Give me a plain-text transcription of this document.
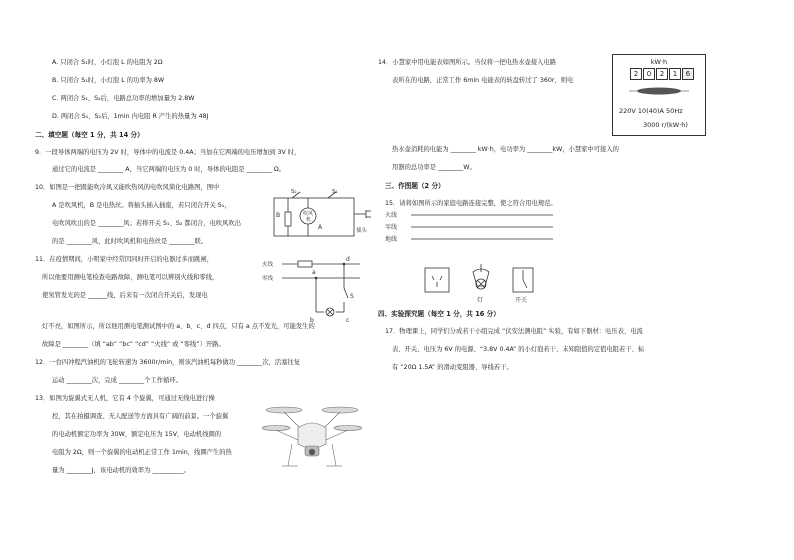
A. 只闭合 S₁时，小灯泡 L 的电阻为 2Ω
B. 只闭合 S₁时，小灯泡 L 的功率为 8W
C. 两闭合 S₁、S₂后，电路总功率的增加量为 2.8W
D. 两闭合 S₁、S₂后，1min 内电阻 R 产生的热量为 48J
二、填空题（每空 1 分，共 14 分）
9．一段导体两端的电压为 2V 时，导体中的电流是 0.4A；当加在它两端的电压增加到 3V 时，
通过它的电流是 ________ A，当它两端的电压为 0 时，导体的电阻是 ________ Ω。
10．如图是一把既能吹冷风又能吹热风的电吹风简化电路图，图中
A 是吹风机，B 是电热丝。将插头插入插座，若只闭合开关 S₁，
电吹风吹出的是 ________风；若将开关 S₁、S₂ 都闭合，电吹风吹出
的是 ________风，此时吹风机和电热丝是 ________联。
B
S₂	S₁
吹风
机
A	插头
11．在疫情期间，小明家中经常因同时开启的电器过多而跳闸，
所以他要用测电笔检查电路故障，测电笔可以辨别火线和零线，
使氖管发光的是 ______线，后来有一次闭合开关后，发现电
灯不亮，如图所示，所以他用测电笔测试图中的 a、b、c、d 四点，只有 a 点不发光，可能发生的
故障是 ________（填 “ab” “bc” “cd” “火线” 或 “零线”）开路。
火线
零线
a
b	c
d
S
12．一台四冲程汽油机的飞轮转速为 3600r/min，则该汽油机每秒做功 ________次，活塞往复
运动 ________次，完成 ________个工作循环。
13．如图为旋翼式无人机，它有 4 个旋翼，可通过无线电进行操
控，其在拍摄调查、无人配送等方面具有广阔的前景。一个旋翼
的电动机额定功率为 30W，额定电压为 15V，电动机线圈的
电阻为 2Ω，则一个旋翼的电动机正常工作 1min，线圈产生的热
量为 ________J，该电动机的效率为 __________。
14．小慧家中用电能表如图所示。当仅将一把电热水壶接入电路
表所在的电路，正常工作 6min 电能表的转盘转过了 360r，则电
热水壶消耗的电能为 ________ kW·h，电功率为 ________kW，小慧家中可接入的
用器的总功率是 ________W。
kW·h
2	0	2	1	6
220V 10(40)A 50Hz
3000 r/(kW·h)
三、作图题（2 分）
15．请将如图所示的家庭电路连接完整，使之符合用电规范。
火线
零线
地线
灯	开关
四、实验探究题（每空 1 分，共 16 分）
17．物理课上，同学们分成若干小组完成 “伏安法测电阻” 实验，有如下器材：电压表、电流
表、开关、电压为 6V 的电源、“3.8V 0.4A” 的小灯泡若干、未知阻值的定值电阻若干、标
有 “20Ω 1.5A” 的滑动变阻器、导线若干。
